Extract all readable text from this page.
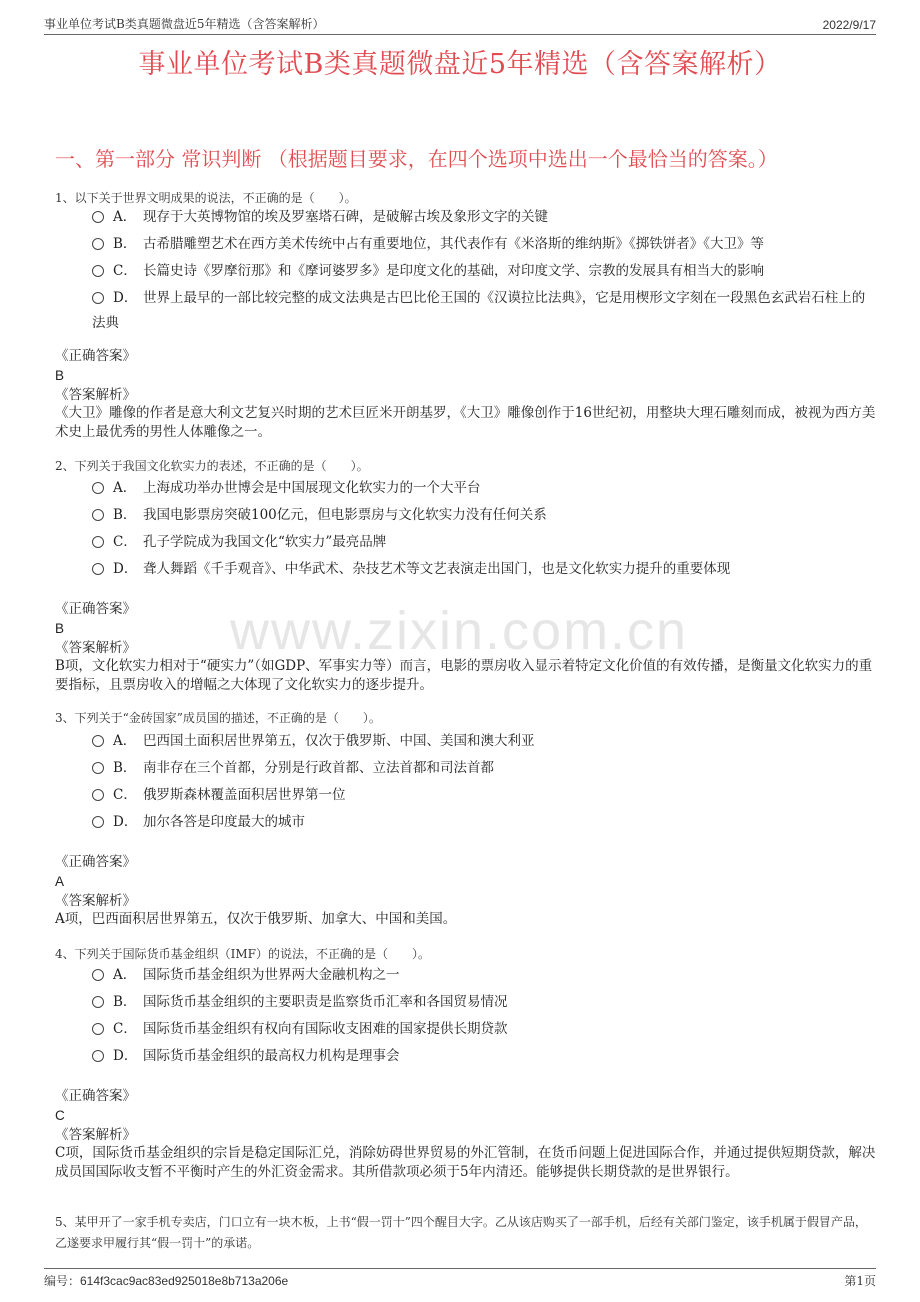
事业单位考试B类真题微盘近5年精选（含答案解析）	2022/9/17
事业单位考试B类真题微盘近5年精选（含答案解析）
一、第一部分 常识判断 （根据题目要求，在四个选项中选出一个最恰当的答案。）
www.zixin.com.cn
1、以下关于世界文明成果的说法，不正确的是（　　）。
A． 现存于大英博物馆的埃及罗塞塔石碑，是破解古埃及象形文字的关键
B． 古希腊雕塑艺术在西方美术传统中占有重要地位，其代表作有《米洛斯的维纳斯》《掷铁饼者》《大卫》等
C． 长篇史诗《罗摩衍那》和《摩诃婆罗多》是印度文化的基础，对印度文学、宗教的发展具有相当大的影响
D． 世界上最早的一部比较完整的成文法典是古巴比伦王国的《汉谟拉比法典》，它是用楔形文字刻在一段黑色玄武岩石柱上的法典
《正确答案》
B
《答案解析》
《大卫》雕像的作者是意大利文艺复兴时期的艺术巨匠米开朗基罗，《大卫》雕像创作于16世纪初，用整块大理石雕刻而成，被视为西方美术史上最优秀的男性人体雕像之一。
2、下列关于我国文化软实力的表述，不正确的是（　　）。
A． 上海成功举办世博会是中国展现文化软实力的一个大平台
B． 我国电影票房突破100亿元，但电影票房与文化软实力没有任何关系
C． 孔子学院成为我国文化“软实力”最亮品牌
D． 聋人舞蹈《千手观音》、中华武术、杂技艺术等文艺表演走出国门，也是文化软实力提升的重要体现
《正确答案》
B
《答案解析》
B项，文化软实力相对于“硬实力”（如GDP、军事实力等）而言，电影的票房收入显示着特定文化价值的有效传播，是衡量文化软实力的重要指标，且票房收入的增幅之大体现了文化软实力的逐步提升。
3、下列关于“金砖国家”成员国的描述，不正确的是（　　）。
A． 巴西国土面积居世界第五，仅次于俄罗斯、中国、美国和澳大利亚
B． 南非存在三个首都，分别是行政首都、立法首都和司法首都
C． 俄罗斯森林覆盖面积居世界第一位
D． 加尔各答是印度最大的城市
《正确答案》
A
《答案解析》
A项，巴西面积居世界第五，仅次于俄罗斯、加拿大、中国和美国。
4、下列关于国际货币基金组织（IMF）的说法，不正确的是（　　）。
A． 国际货币基金组织为世界两大金融机构之一
B． 国际货币基金组织的主要职责是监察货币汇率和各国贸易情况
C． 国际货币基金组织有权向有国际收支困难的国家提供长期贷款
D． 国际货币基金组织的最高权力机构是理事会
《正确答案》
C
《答案解析》
C项，国际货币基金组织的宗旨是稳定国际汇兑，消除妨碍世界贸易的外汇管制，在货币问题上促进国际合作，并通过提供短期贷款，解决成员国国际收支暂不平衡时产生的外汇资金需求。其所借款项必须于5年内清还。能够提供长期贷款的是世界银行。
5、某甲开了一家手机专卖店，门口立有一块木板，上书“假一罚十”四个醒目大字。乙从该店购买了一部手机，后经有关部门鉴定，该手机属于假冒产品，乙遂要求甲履行其“假一罚十”的承诺。
编号：614f3cac9ac83ed925018e8b713a206e	第1页
